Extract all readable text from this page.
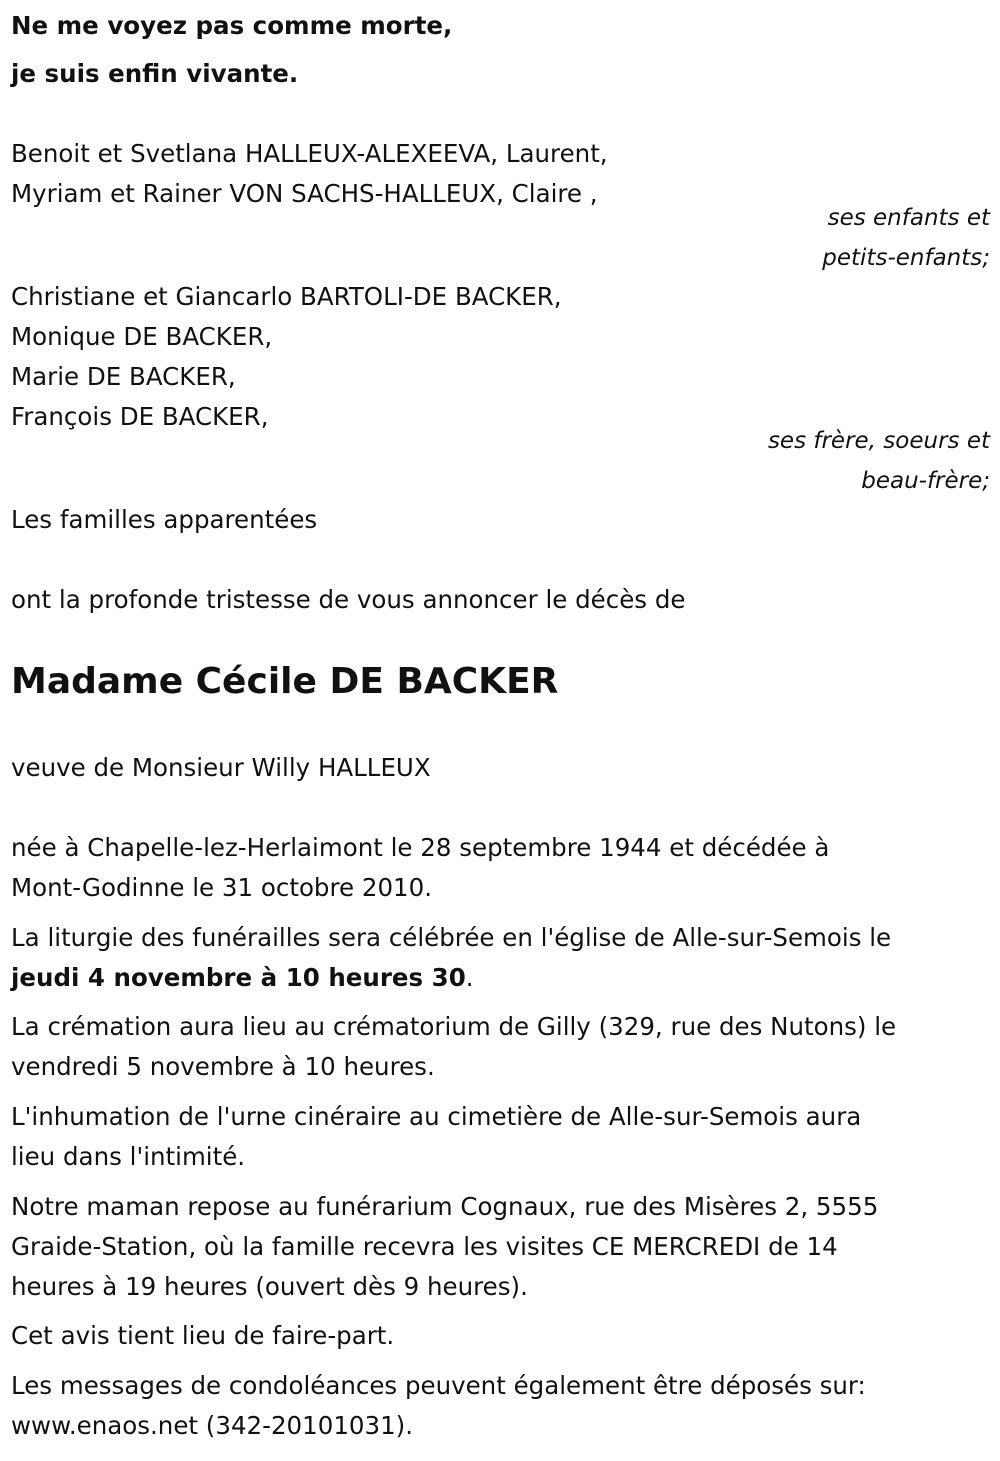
Ne me voyez pas comme morte,

je suis enfin vivante.

Benoit et Svetlana HALLEUX-ALEXEEVA, Laurent,

Myriam et Rainer VON SACHS-HALLEUX, Claire ,

ses enfants et

petits-enfants;

Christiane et Giancarlo BARTOLI-DE BACKER,

Monique DE BACKER,

Marie DE BACKER,

François DE BACKER,

ses frère, soeurs et

beau-frère;

Les familles apparentées

ont la profonde tristesse de vous annoncer le décès de

Madame Cécile DE BACKER

veuve de Monsieur Willy HALLEUX

née à Chapelle-lez-Herlaimont le 28 septembre 1944 et décédée à

Mont-Godinne le 31 octobre 2010.

La liturgie des funérailles sera célébrée en l'église de Alle-sur-Semois le

jeudi 4 novembre à 10 heures 30.

La crémation aura lieu au crématorium de Gilly (329, rue des Nutons) le

vendredi 5 novembre à 10 heures.

L'inhumation de l'urne cinéraire au cimetière de Alle-sur-Semois aura

lieu dans l'intimité.

Notre maman repose au funérarium Cognaux, rue des Misères 2, 5555

Graide-Station, où la famille recevra les visites CE MERCREDI de 14

heures à 19 heures (ouvert dès 9 heures).

Cet avis tient lieu de faire-part.

Les messages de condoléances peuvent également être déposés sur:

www.enaos.net (342-20101031).
